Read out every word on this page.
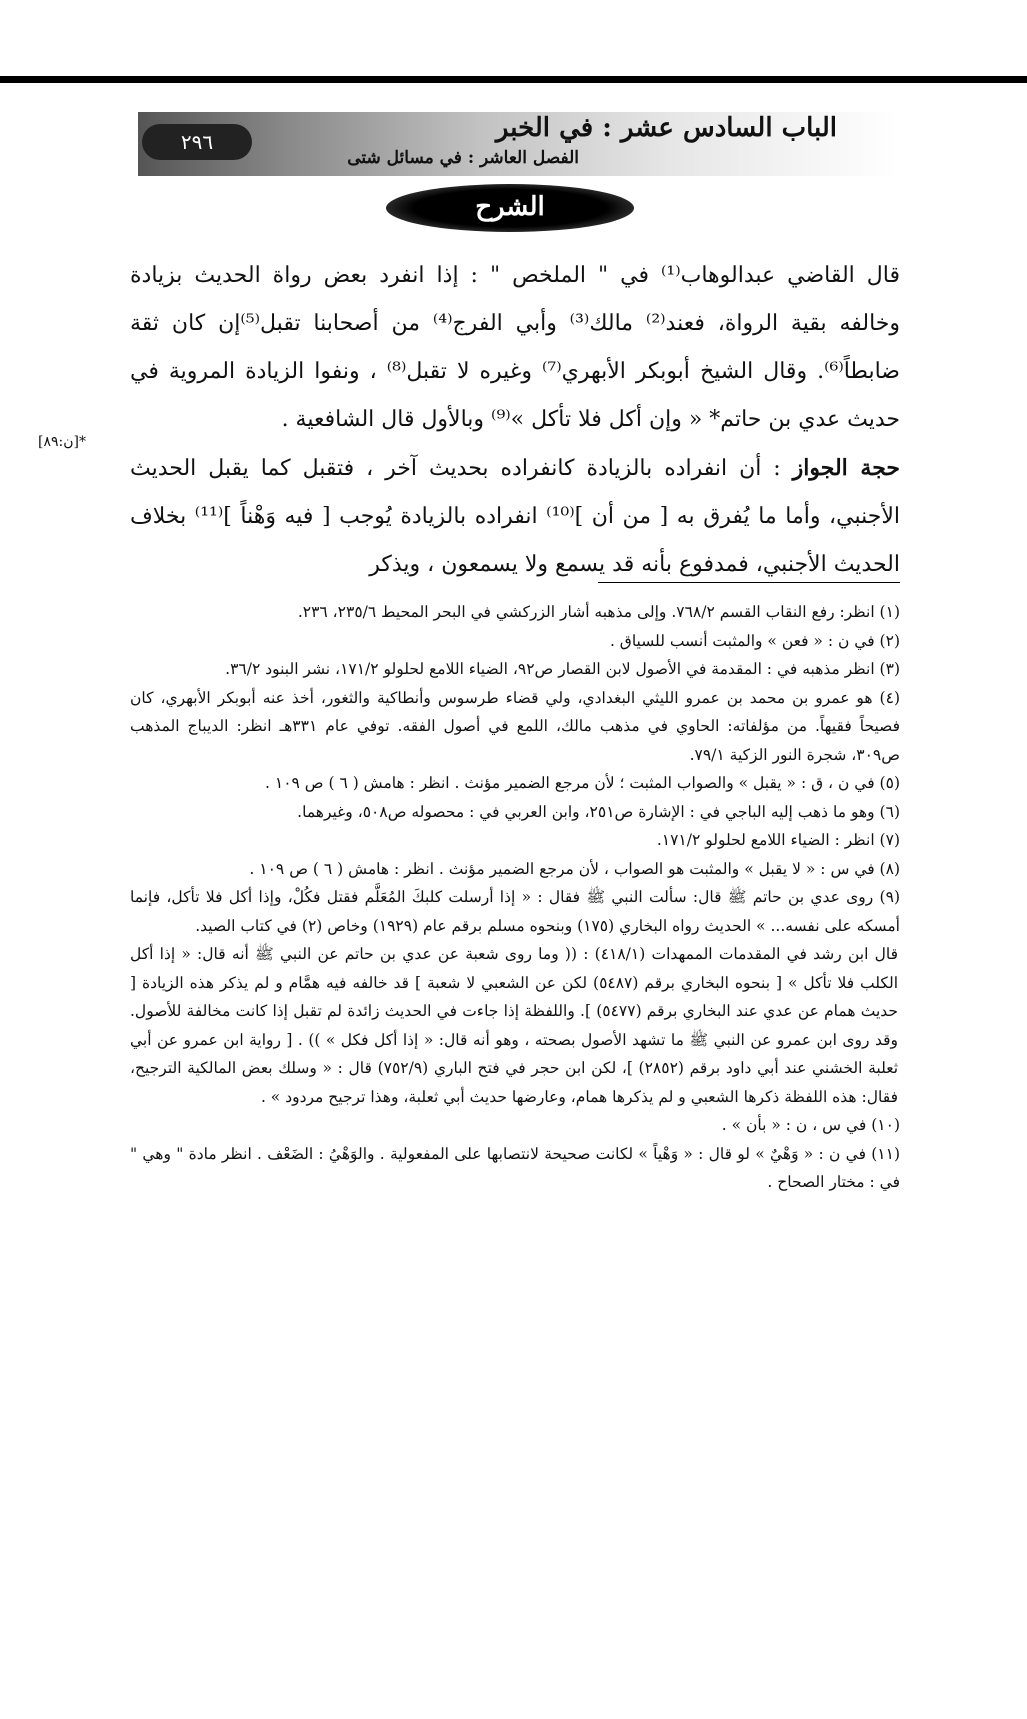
٢٩٦	الباب السادس عشر : في الخبر
الفصل العاشر : في مسائل شتى
الشرح
[ن:٨٩]*

قال القاضي عبدالوهاب⁽¹⁾ في " الملخص " : إذا انفرد بعض رواة الحديث بزيادة وخالفه بقية الرواة، فعند⁽²⁾ مالك⁽³⁾ وأبي الفرج⁽⁴⁾ من أصحابنا تقبل⁽⁵⁾إن كان ثقة ضابطاً⁽⁶⁾. وقال الشيخ أبوبكر الأبهري⁽⁷⁾ وغيره لا تقبل⁽⁸⁾ ، ونفوا الزيادة المروية في حديث عدي بن حاتم* « وإن أكل فلا تأكل »⁽⁹⁾ وبالأول قال الشافعية .

حجة الجواز : أن انفراده بالزيادة كانفراده بحديث آخر ، فتقبل كما يقبل الحديث الأجنبي، وأما ما يُفرق به [ من أن ]⁽¹⁰⁾ انفراده بالزيادة يُوجب [ فيه وَهْناً ]⁽¹¹⁾ بخلاف الحديث الأجنبي، فمدفوع بأنه قد يسمع ولا يسمعون ، ويذكر

(١) انظر: رفع النقاب القسم ٧٦٨/٢. وإلى مذهبه أشار الزركشي في البحر المحيط ٢٣٥/٦، ٢٣٦.

(٢) في ن : « فعن » والمثبت أنسب للسياق .

(٣) انظر مذهبه في : المقدمة في الأصول لابن القصار ص٩٢، الضياء اللامع لحلولو ١٧١/٢، نشر البنود ٣٦/٢.

(٤) هو عمرو بن محمد بن عمرو الليثي البغدادي، ولي قضاء طرسوس وأنطاكية والثغور، أخذ عنه أبوبكر الأبهري، كان فصيحاً فقيهاً. من مؤلفاته: الحاوي في مذهب مالك، اللمع في أصول الفقه. توفي عام ٣٣١هـ انظر: الديباج المذهب ص٣٠٩، شجرة النور الزكية ٧٩/١.

(٥) في ن ، ق : « يقبل » والصواب المثبت ؛ لأن مرجع الضمير مؤنث . انظر : هامش ( ٦ ) ص ١٠٩ .

(٦) وهو ما ذهب إليه الباجي في : الإشارة ص٢٥١، وابن العربي في : محصوله ص٥٠٨، وغيرهما.

(٧) انظر : الضياء اللامع لحلولو ١٧١/٢.

(٨) في س : « لا يقبل » والمثبت هو الصواب ، لأن مرجع الضمير مؤنث . انظر : هامش ( ٦ ) ص ١٠٩ .

(٩) روى عدي بن حاتم ﷺ قال: سألت النبي ﷺ فقال : « إذا أرسلت كلبكَ المُعَلَّم فقتل فكُلْ، وإذا أكل فلا تأكل، فإنما أمسكه على نفسه... » الحديث رواه البخاري (١٧٥) وبنحوه مسلم برقم عام (١٩٢٩) وخاص (٢) في كتاب الصيد.

قال ابن رشد في المقدمات الممهدات (٤١٨/١) : (( وما روى شعبة عن عدي بن حاتم عن النبي ﷺ أنه قال: « إذا أكل الكلب فلا تأكل » [ بنحوه البخاري برقم (٥٤٨٧) لكن عن الشعبي لا شعبة ] قد خالفه فيه همَّام و لم يذكر هذه الزيادة [ حديث همام عن عدي عند البخاري برقم (٥٤٧٧) ]. واللفظة إذا جاءت في الحديث زائدة لم تقبل إذا كانت مخالفة للأصول. وقد روى ابن عمرو عن النبي ﷺ ما تشهد الأصول بصحته ، وهو أنه قال: « إذا أكل فكل » )) . [ رواية ابن عمرو عن أبي ثعلبة الخشني عند أبي داود برقم (٢٨٥٢) ]، لكن ابن حجر في فتح الباري (٧٥٢/٩) قال : « وسلك بعض المالكية الترجيح، فقال: هذه اللفظة ذكرها الشعبي و لم يذكرها همام، وعارضها حديث أبي ثعلبة، وهذا ترجيح مردود » .

(١٠) في س ، ن : « بأن » .

(١١) في ن : « وَهْيٌ » لو قال : « وَهْياً » لكانت صحيحة لانتصابها على المفعولية . والوَهْيُ : الضَعْف . انظر مادة " وهي " في : مختار الصحاح .
